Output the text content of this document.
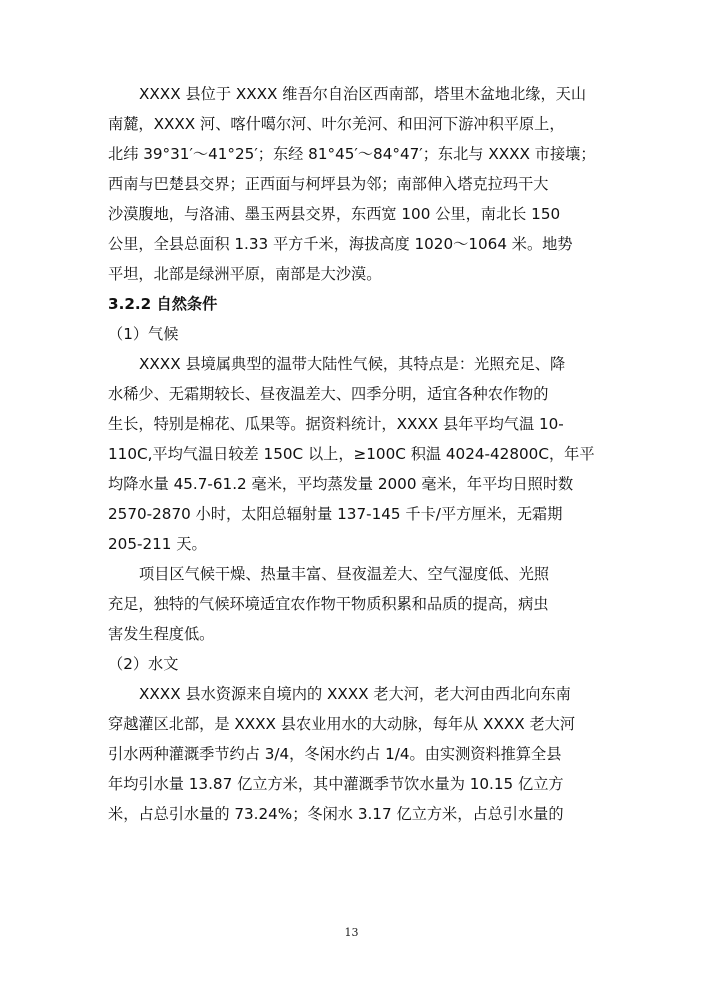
XXXX 县位于 XXXX 维吾尔自治区西南部，塔里木盆地北缘，天山
南麓，XXXX 河、喀什噶尔河、叶尔羌河、和田河下游冲积平原上，
北纬 39°31′～41°25′；东经 81°45′～84°47′；东北与 XXXX 市接壤；
西南与巴楚县交界；正西面与柯坪县为邻；南部伸入塔克拉玛干大
沙漠腹地，与洛浦、墨玉两县交界，东西宽 100 公里，南北长 150
公里，全县总面积 1.33 平方千米，海拔高度 1020～1064 米。地势
平坦，北部是绿洲平原，南部是大沙漠。
3.2.2 自然条件
（1）气候
XXXX 县境属典型的温带大陆性气候，其特点是：光照充足、降
水稀少、无霜期较长、昼夜温差大、四季分明，适宜各种农作物的
生长，特别是棉花、瓜果等。据资料统计，XXXX 县年平均气温 10-
110C,平均气温日较差 150C 以上，≥100C 积温 4024-42800C，年平
均降水量 45.7-61.2 毫米，平均蒸发量 2000 毫米，年平均日照时数
2570-2870 小时，太阳总辐射量 137-145 千卡/平方厘米，无霜期
205-211 天。
项目区气候干燥、热量丰富、昼夜温差大、空气湿度低、光照
充足，独特的气候环境适宜农作物干物质积累和品质的提高，病虫
害发生程度低。
（2）水文
XXXX 县水资源来自境内的 XXXX 老大河，老大河由西北向东南
穿越灌区北部，是 XXXX 县农业用水的大动脉，每年从 XXXX 老大河
引水两种灌溉季节约占 3/4，冬闲水约占 1/4。由实测资料推算全县
年均引水量 13.87 亿立方米，其中灌溉季节饮水量为 10.15 亿立方
米，占总引水量的 73.24%；冬闲水 3.17 亿立方米，占总引水量的
13
